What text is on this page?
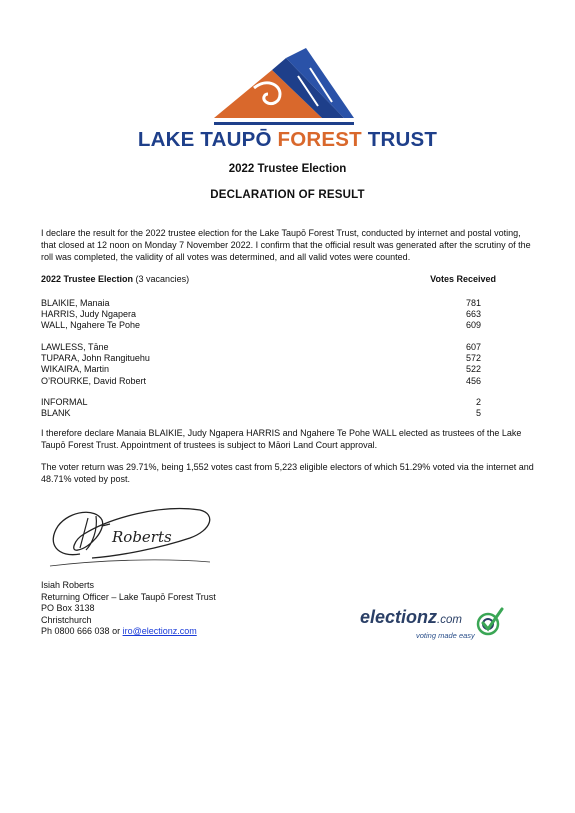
LAKE TAUPŌ FOREST TRUST
2022 Trustee Election
DECLARATION OF RESULT
I declare the result for the 2022 trustee election for the Lake Taupō Forest Trust, conducted by internet and postal voting, that closed at 12 noon on Monday 7 November 2022. I confirm that the official result was generated after the scrutiny of the roll was completed, the validity of all votes was determined, and all valid votes were counted.
2022 Trustee Election (3 vacancies)	Votes Received
BLAIKIE, Manaia	781
HARRIS, Judy Ngapera	663
WALL, Ngahere Te Pohe	609
LAWLESS, Tāne	607
TUPARA, John Rangituehu	572
WIKAIRA, Martin	522
O’ROURKE, David Robert	456
INFORMAL	2
BLANK	5
I therefore declare Manaia BLAIKIE, Judy Ngapera HARRIS and Ngahere Te Pohe WALL elected as trustees of the Lake Taupō Forest Trust. Appointment of trustees is subject to Māori Land Court approval.
The voter return was 29.71%, being 1,552 votes cast from 5,223 eligible electors of which 51.29% voted via the internet and 48.71% voted by post.
Roberts
Isiah Roberts
Returning Officer – Lake Taupō Forest Trust
PO Box 3138
Christchurch
Ph 0800 666 038 or iro@electionz.com
electionz.com
voting made easy
